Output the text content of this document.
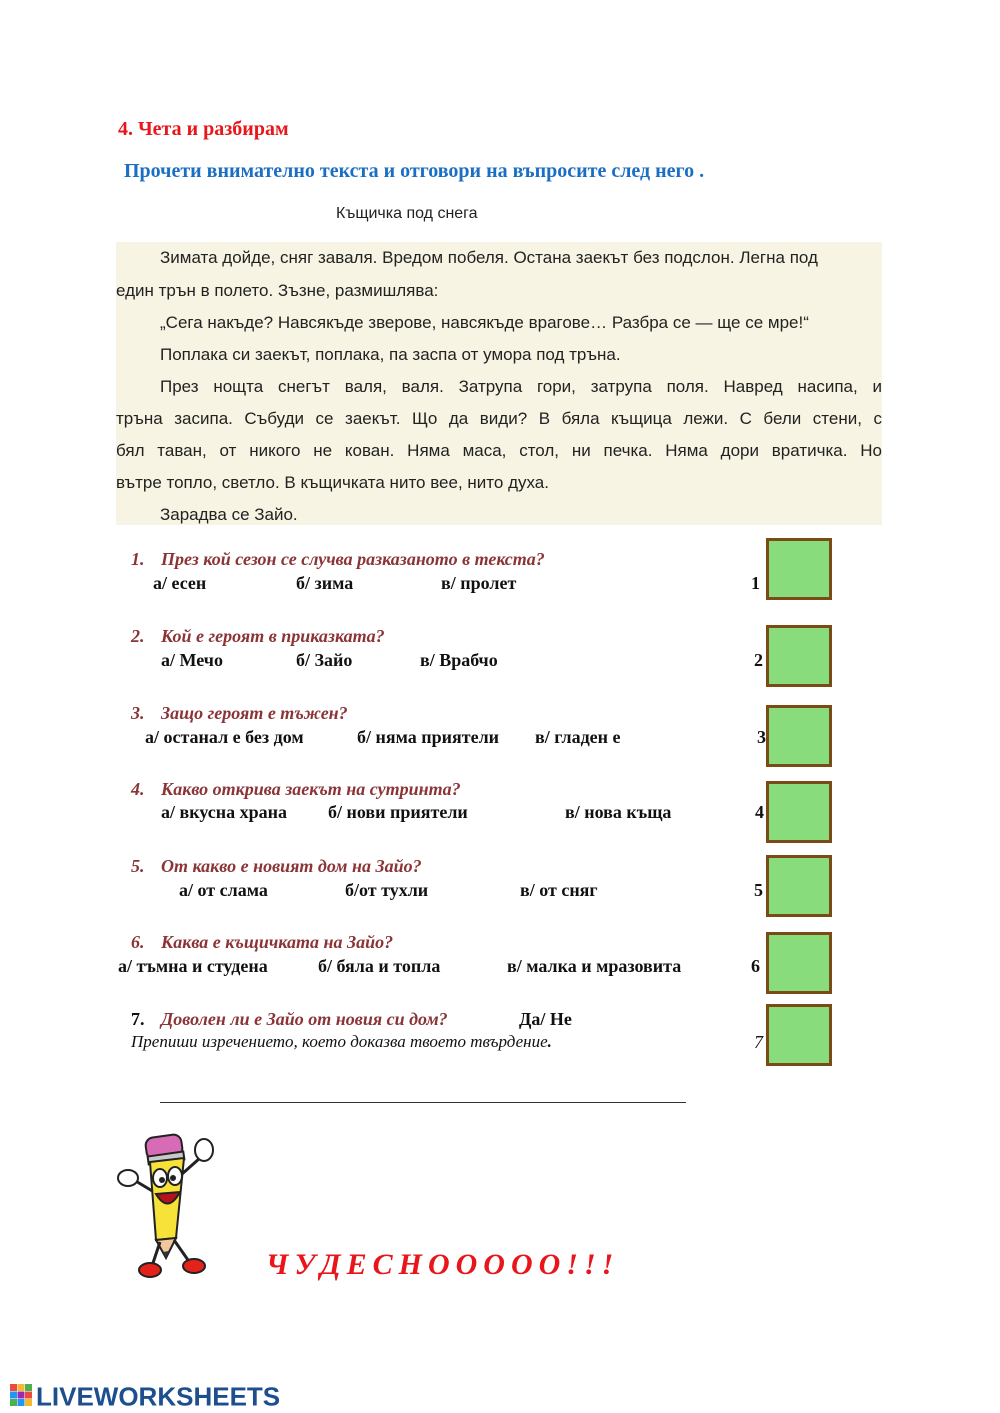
4. Чета и разбирам
Прочети внимателно текста и отговори на въпросите след него .
Къщичка под снега

Зимата дойде, сняг заваля. Вредом побеля. Остана заекът без подслон. Легна под

един трън в полето. Зъзне, размишлява:

„Сега накъде? Навсякъде зверове, навсякъде врагове… Разбра се — ще се мре!“

Поплака си заекът, поплака, па заспа от умора под тръна.

През нощта снегът валя, валя. Затрупа гори, затрупа поля. Навред насипа, и

тръна засипа. Събуди се заекът. Що да види? В бяла къщица лежи. С бели стени, с

бял таван, от никого не кован. Няма маса, стол, ни печка. Няма дори вратичка. Но

вътре топло, светло. В къщичката нито вее, нито духа.

Зарадва се Зайо.

1. През кой сезон се случва разказаното в текста?
а/ есен	б/ зима	в/ пролет	1
2. Кой е героят в приказката?
а/ Мечо	б/ Зайо	в/ Врабчо	2
3. Защо героят е тъжен?
а/ останал е без дом	б/ няма приятели в/ гладен е	3
4. Какво открива заекът на сутринта?
а/ вкусна храна б/ нови приятели	в/ нова къща	4
5. От какво е новият дом на Зайо?
а/ от слама	б/от тухли	в/ от сняг	5
6. Каква е къщичката на Зайо?
а/ тъмна и студена	б/ бяла и топла	в/ малка и мразовита	6
7. Доволен ли е Зайо от новия си дом?	Да/ Не
Препиши изречението, което доказва твоето твърдение.	7
ЧУДЕСНООООО!!!
LIVEWORKSHEETS
